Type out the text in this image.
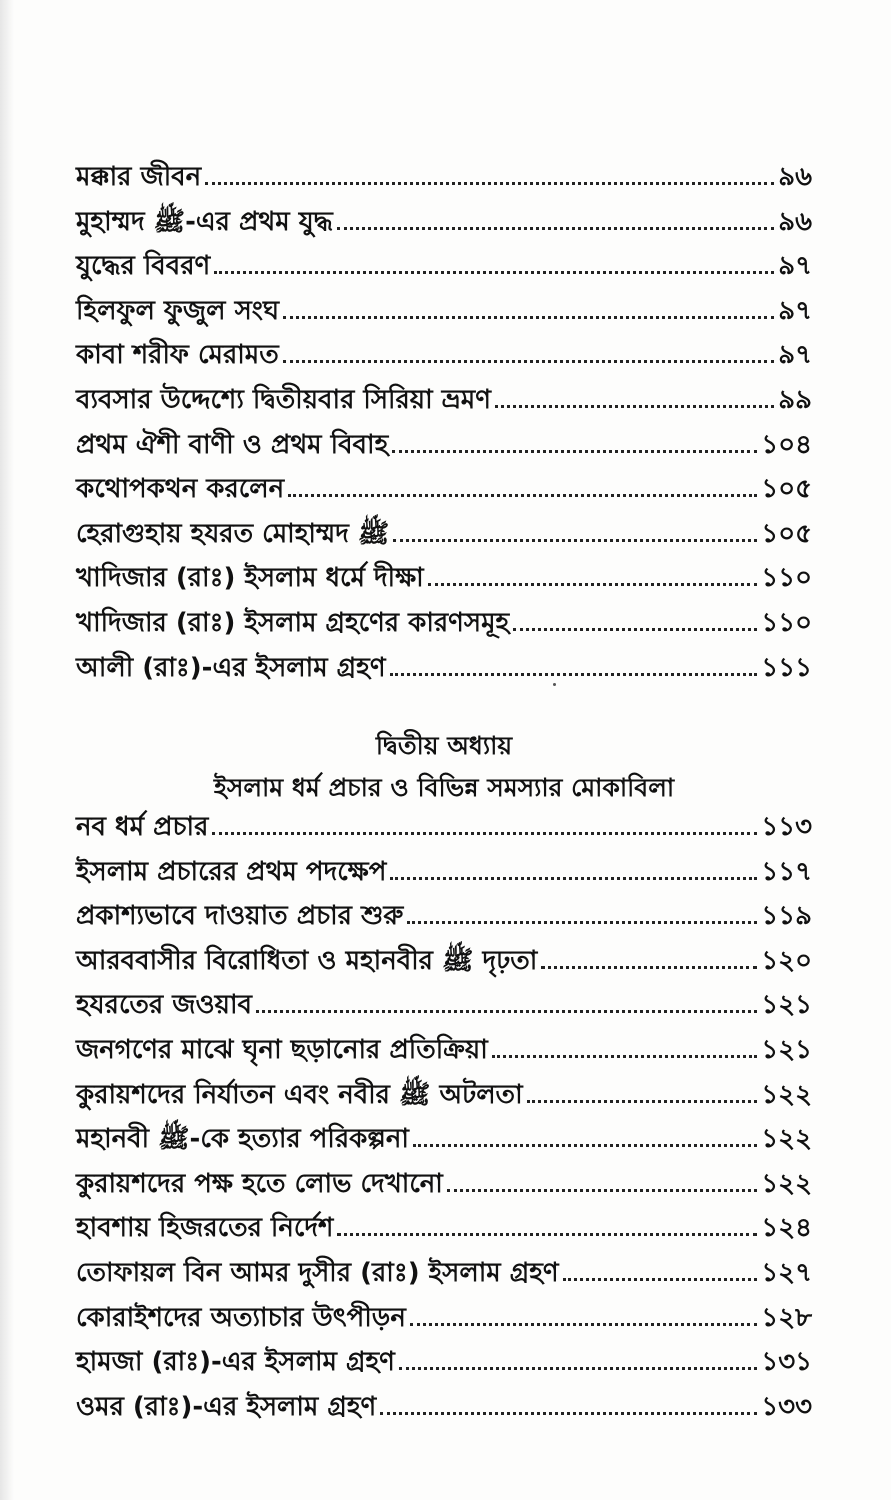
মক্কার জীবন	৯৬
মুহাম্মদ ﷺ-এর প্রথম যুদ্ধ	৯৬
যুদ্ধের বিবরণ	৯৭
হিলফুল ফুজুল সংঘ	৯৭
কাবা শরীফ মেরামত	৯৭
ব্যবসার উদ্দেশ্যে দ্বিতীয়বার সিরিয়া ভ্রমণ	৯৯
প্রথম ঐশী বাণী ও প্রথম বিবাহ	১০৪
কথোপকথন করলেন	১০৫
হেরাগুহায় হযরত মোহাম্মদ ﷺ	১০৫
খাদিজার (রাঃ) ইসলাম ধর্মে দীক্ষা	১১০
খাদিজার (রাঃ) ইসলাম গ্রহণের কারণসমূহ	১১০
আলী (রাঃ)-এর ইসলাম গ্রহণ	১১১
দ্বিতীয় অধ্যায়
ইসলাম ধর্ম প্রচার ও বিভিন্ন সমস্যার মোকাবিলা
নব ধর্ম প্রচার	১১৩
ইসলাম প্রচারের প্রথম পদক্ষেপ	১১৭
প্রকাশ্যভাবে দাওয়াত প্রচার শুরু	১১৯
আরববাসীর বিরোধিতা ও মহানবীর ﷺ দৃঢ়তা	১২০
হযরতের জওয়াব	১২১
জনগণের মাঝে ঘৃনা ছড়ানোর প্রতিক্রিয়া	১২১
কুরায়শদের নির্যাতন এবং নবীর ﷺ অটলতা	১২২
মহানবী ﷺ-কে হত্যার পরিকল্পনা	১২২
কুরায়শদের পক্ষ হতে লোভ দেখানো	১২২
হাবশায় হিজরতের নির্দেশ	১২৪
তোফায়ল বিন আমর দুসীর (রাঃ) ইসলাম গ্রহণ	১২৭
কোরাইশদের অত্যাচার উৎপীড়ন	১২৮
হামজা (রাঃ)-এর ইসলাম গ্রহণ	১৩১
ওমর (রাঃ)-এর ইসলাম গ্রহণ	১৩৩
